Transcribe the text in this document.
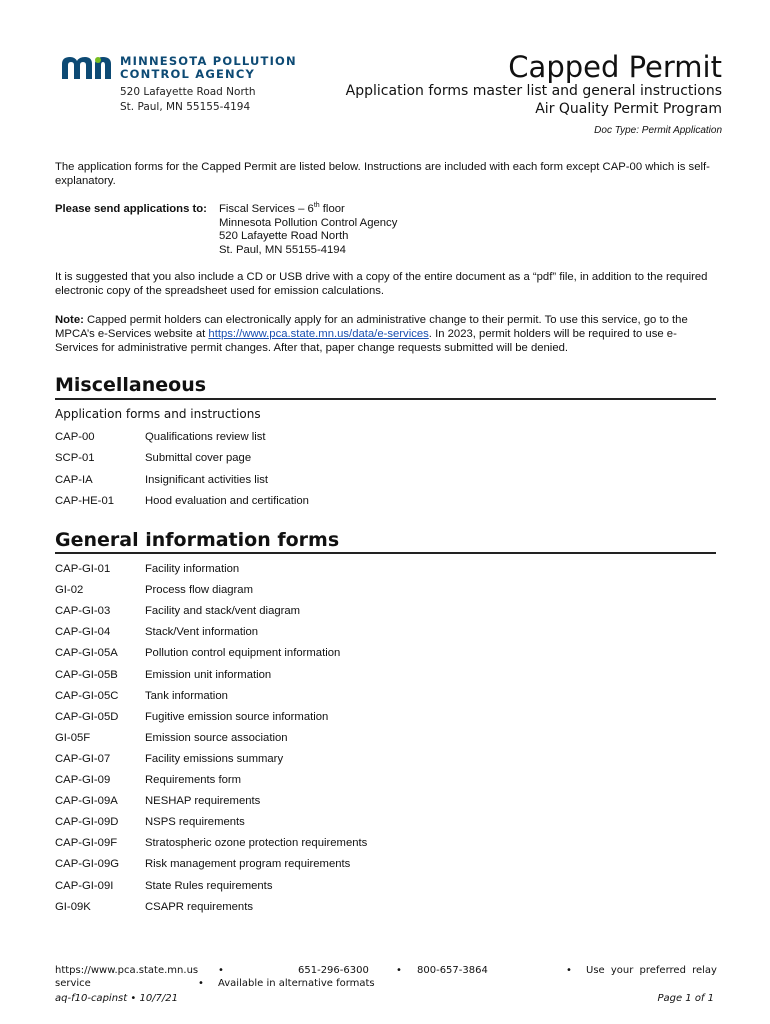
MINNESOTA POLLUTION
CONTROL AGENCY
520 Lafayette Road North
St. Paul, MN 55155-4194
Capped Permit
Application forms master list and general instructions
Air Quality Permit Program
Doc Type: Permit Application
The application forms for the Capped Permit are listed below. Instructions are included with each form except CAP-00 which is self-explanatory.
Please send applications to: Fiscal Services – 6th floor
Minnesota Pollution Control Agency
520 Lafayette Road North
St. Paul, MN 55155-4194
It is suggested that you also include a CD or USB drive with a copy of the entire document as a “pdf” file, in addition to the required electronic copy of the spreadsheet used for emission calculations.
Note: Capped permit holders can electronically apply for an administrative change to their permit. To use this service, go to the MPCA’s e-Services website at https://www.pca.state.mn.us/data/e-services. In 2023, permit holders will be required to use e-Services for administrative permit changes. After that, paper change requests submitted will be denied.
Miscellaneous
Application forms and instructions
CAP-00	Qualifications review list
SCP-01	Submittal cover page
CAP-IA	Insignificant activities list
CAP-HE-01	Hood evaluation and certification
General information forms
CAP-GI-01	Facility information
GI-02	Process flow diagram
CAP-GI-03	Facility and stack/vent diagram
CAP-GI-04	Stack/Vent information
CAP-GI-05A Pollution control equipment information
CAP-GI-05B Emission unit information
CAP-GI-05C Tank information
CAP-GI-05D Fugitive emission source information
GI-05F	Emission source association
CAP-GI-07	Facility emissions summary
CAP-GI-09	Requirements form
CAP-GI-09A NESHAP requirements
CAP-GI-09D NSPS requirements
CAP-GI-09F Stratospheric ozone protection requirements
CAP-GI-09G Risk management program requirements
CAP-GI-09I	State Rules requirements
GI-09K	CSAPR requirements
https://www.pca.state.mn.us •	651-296-6300	• 800-657-3864	• Use your preferred relay
service	• Available in alternative formats
aq-f10-capinst • 10/7/21	Page 1 of 1
